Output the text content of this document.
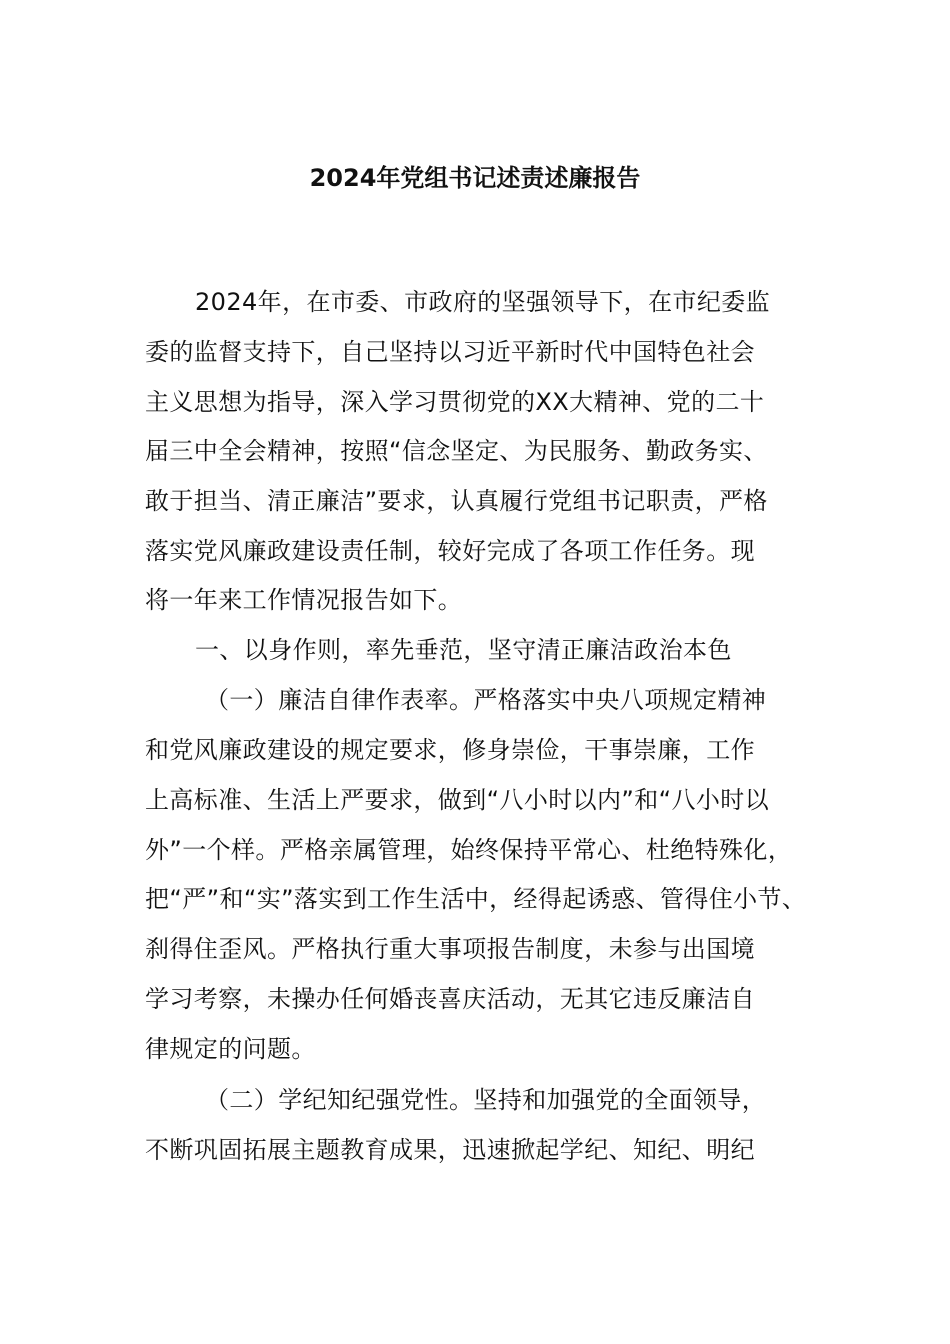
2024年党组书记述责述廉报告
2024年，在市委、市政府的坚强领导下，在市纪委监
委的监督支持下，自己坚持以习近平新时代中国特色社会
主义思想为指导，深入学习贯彻党的XX大精神、党的二十
届三中全会精神，按照“信念坚定、为民服务、勤政务实、
敢于担当、清正廉洁”要求，认真履行党组书记职责，严格
落实党风廉政建设责任制，较好完成了各项工作任务。现
将一年来工作情况报告如下。
一、以身作则，率先垂范，坚守清正廉洁政治本色
（一）廉洁自律作表率。严格落实中央八项规定精神
和党风廉政建设的规定要求，修身崇俭，干事崇廉，工作
上高标准、生活上严要求，做到“八小时以内”和“八小时以
外”一个样。严格亲属管理，始终保持平常心、杜绝特殊化，
把“严”和“实”落实到工作生活中，经得起诱惑、管得住小节、
刹得住歪风。严格执行重大事项报告制度，未参与出国境
学习考察，未操办任何婚丧喜庆活动，无其它违反廉洁自
律规定的问题。
（二）学纪知纪强党性。坚持和加强党的全面领导，
不断巩固拓展主题教育成果，迅速掀起学纪、知纪、明纪
